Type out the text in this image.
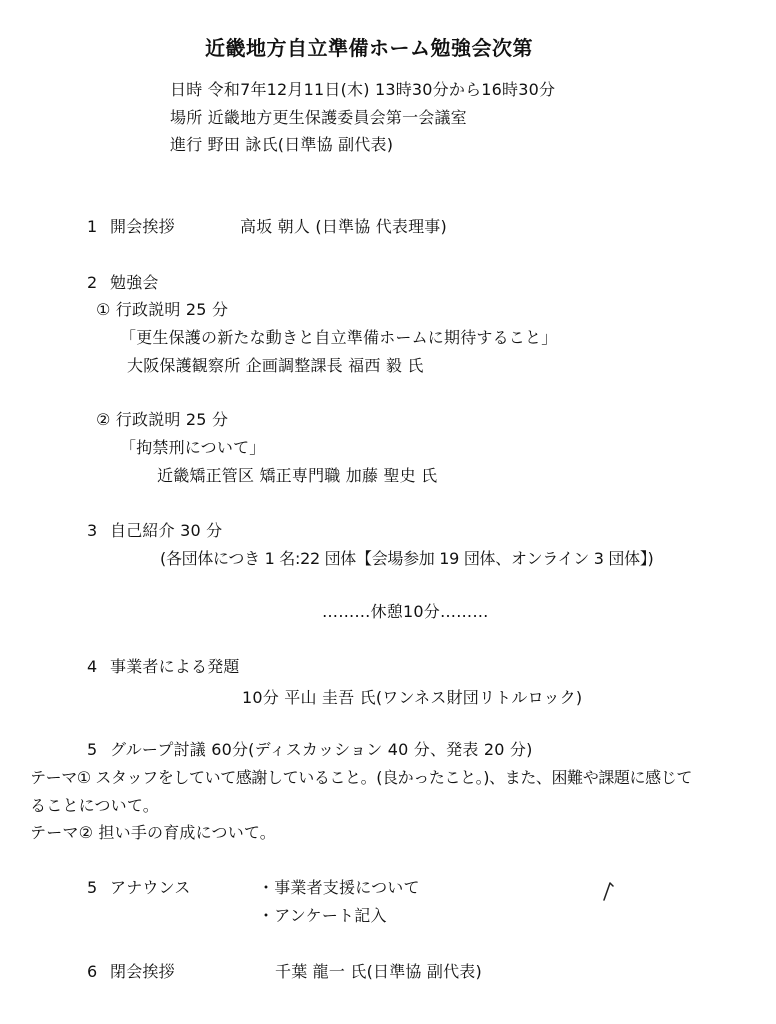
近畿地方自立準備ホーム勉強会次第
日時 令和7年12月11日(木) 13時30分から16時30分
場所 近畿地方更生保護委員会第一会議室
進行 野田 詠氏(日準協 副代表)
1 開会挨拶	高坂 朝人 (日準協 代表理事)
2 勉強会
① 行政説明 25 分
「更生保護の新たな動きと自立準備ホームに期待すること」
大阪保護観察所 企画調整課長 福西 毅 氏
② 行政説明 25 分
「拘禁刑について」
近畿矯正管区 矯正専門職 加藤 聖史 氏
3 自己紹介 30 分
(各団体につき 1 名:22 団体【会場参加 19 団体、オンライン 3 団体】)
………休憩10分………
4 事業者による発題
10分 平山 圭吾 氏(ワンネス財団リトルロック)
5 グループ討議 60分(ディスカッション 40 分、発表 20 分)
テーマ① スタッフをしていて感謝していること。(良かったこと。)、また、困難や課題に感じて
ることについて。
テーマ② 担い手の育成について。
5 アナウンス	・事業者支援について
・アンケート記入
6 閉会挨拶	千葉 龍一 氏(日準協 副代表)
